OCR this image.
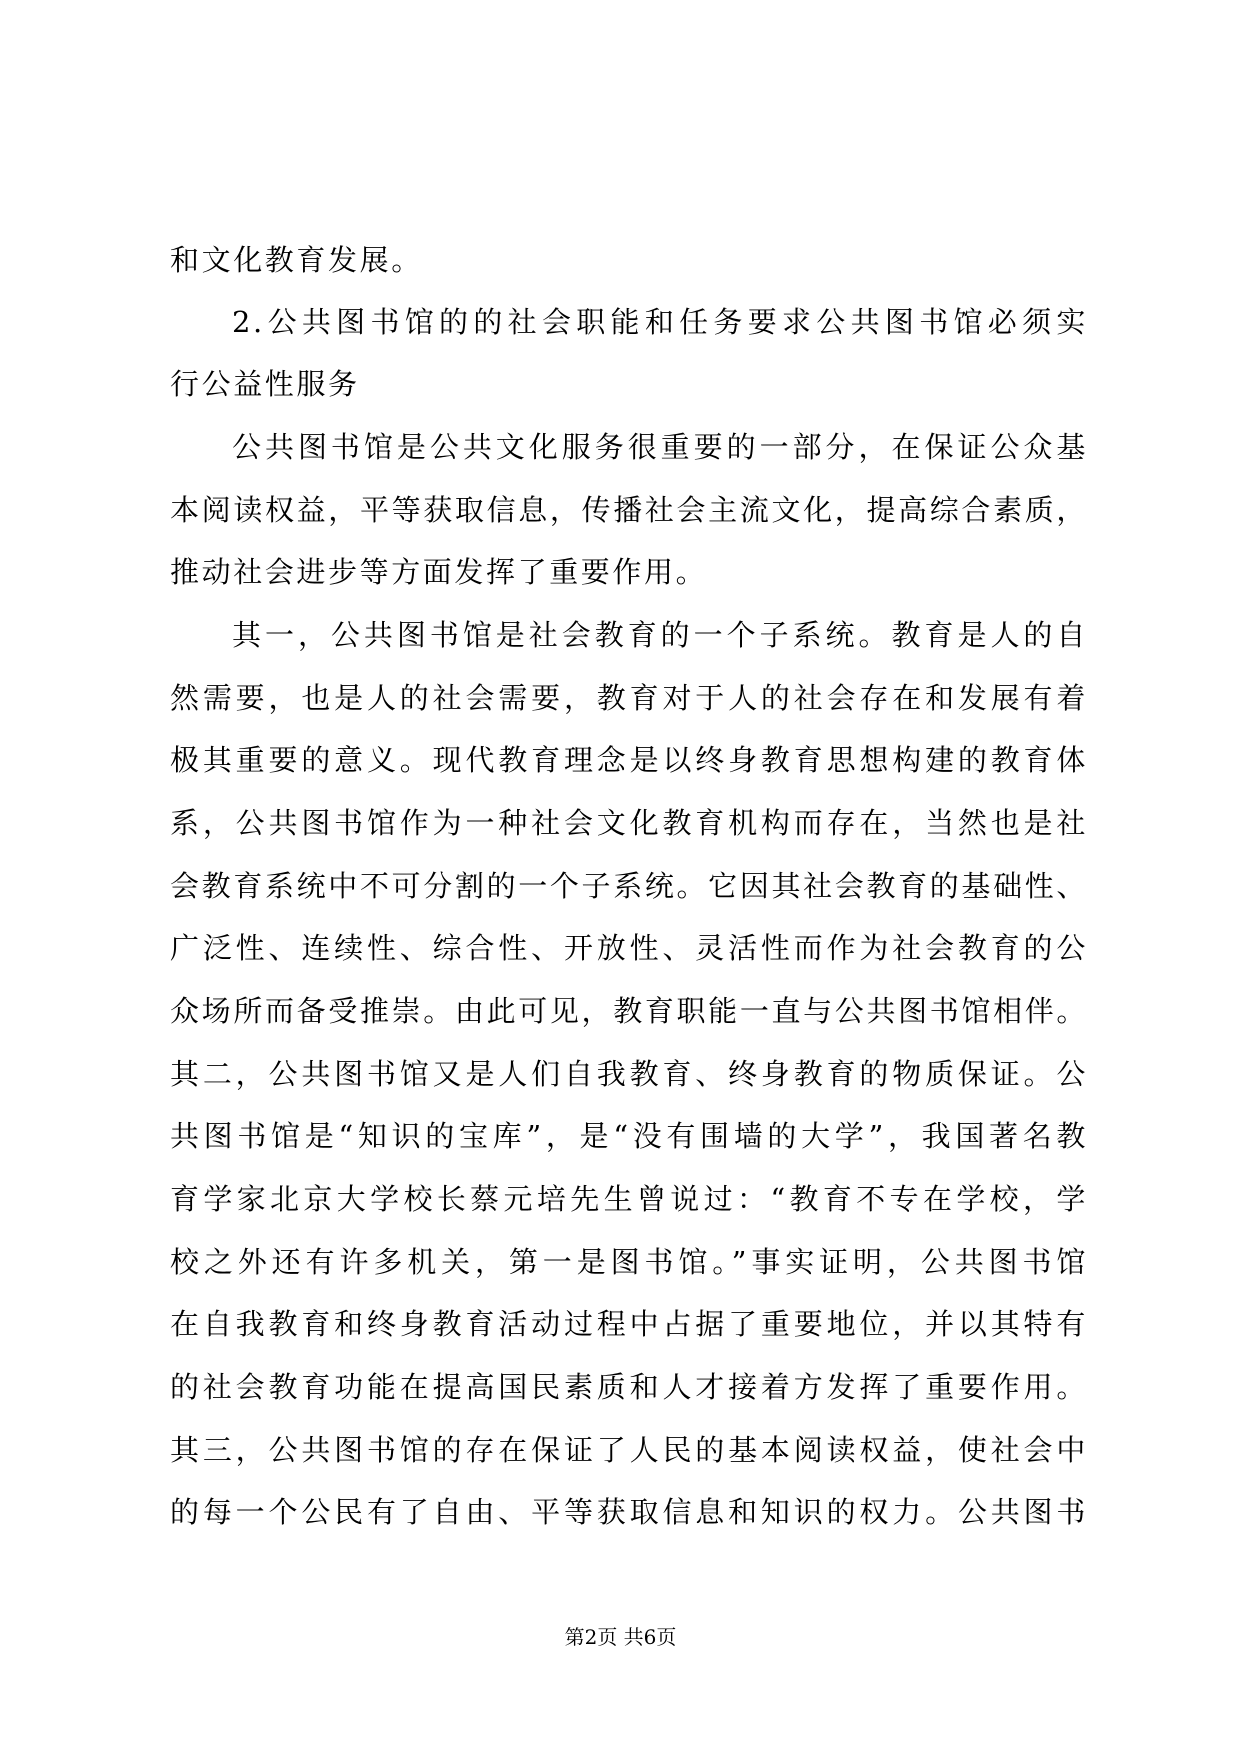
和文化教育发展。
2.公共图书馆的的社会职能和任务要求公共图书馆必须实
行公益性服务
公共图书馆是公共文化服务很重要的一部分，在保证公众基
本阅读权益，平等获取信息，传播社会主流文化，提高综合素质，
推动社会进步等方面发挥了重要作用。
其一，公共图书馆是社会教育的一个子系统。教育是人的自
然需要，也是人的社会需要，教育对于人的社会存在和发展有着
极其重要的意义。现代教育理念是以终身教育思想构建的教育体
系，公共图书馆作为一种社会文化教育机构而存在，当然也是社
会教育系统中不可分割的一个子系统。它因其社会教育的基础性、
广泛性、连续性、综合性、开放性、灵活性而作为社会教育的公
众场所而备受推崇。由此可见，教育职能一直与公共图书馆相伴。
其二，公共图书馆又是人们自我教育、终身教育的物质保证。公
共图书馆是“知识的宝库”，是“没有围墙的大学”，我国著名教
育学家北京大学校长蔡元培先生曾说过：“教育不专在学校，学
校之外还有许多机关，第一是图书馆。”事实证明，公共图书馆
在自我教育和终身教育活动过程中占据了重要地位，并以其特有
的社会教育功能在提高国民素质和人才接着方发挥了重要作用。
其三，公共图书馆的存在保证了人民的基本阅读权益，使社会中
的每一个公民有了自由、平等获取信息和知识的权力。公共图书
第2页 共6页
